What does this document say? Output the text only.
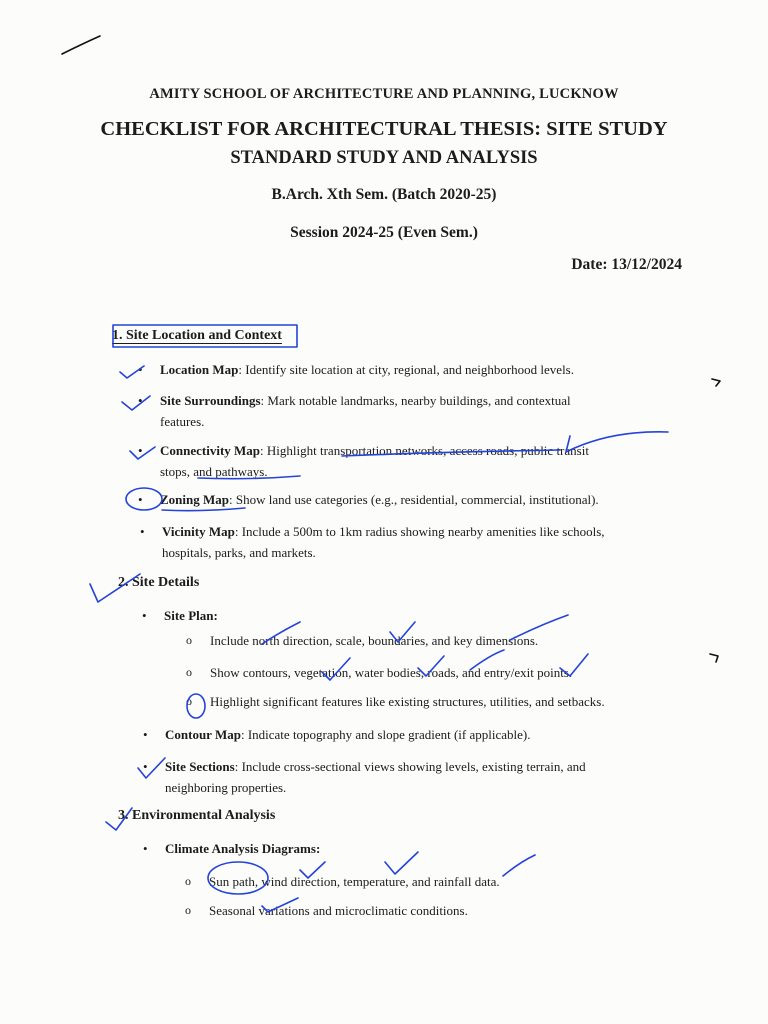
AMITY SCHOOL OF ARCHITECTURE AND PLANNING, LUCKNOW
CHECKLIST FOR ARCHITECTURAL THESIS: SITE STUDY
STANDARD STUDY AND ANALYSIS
B.Arch. Xth Sem. (Batch 2020-25)
Session 2024-25 (Even Sem.)
Date: 13/12/2024
1. Site Location and Context
• Location Map: Identify site location at city, regional, and neighborhood levels.
• Site Surroundings: Mark notable landmarks, nearby buildings, and contextual
features.
• Connectivity Map: Highlight transportation networks, access roads, public transit
stops, and pathways.
• Zoning Map: Show land use categories (e.g., residential, commercial, institutional).
• Vicinity Map: Include a 500m to 1km radius showing nearby amenities like schools,
hospitals, parks, and markets.
2. Site Details
• Site Plan:
o Include north direction, scale, boundaries, and key dimensions.
o Show contours, vegetation, water bodies, roads, and entry/exit points.
o Highlight significant features like existing structures, utilities, and setbacks.
• Contour Map: Indicate topography and slope gradient (if applicable).
• Site Sections: Include cross-sectional views showing levels, existing terrain, and
neighboring properties.
3. Environmental Analysis
• Climate Analysis Diagrams:
o Sun path, wind direction, temperature, and rainfall data.
o Seasonal variations and microclimatic conditions.
